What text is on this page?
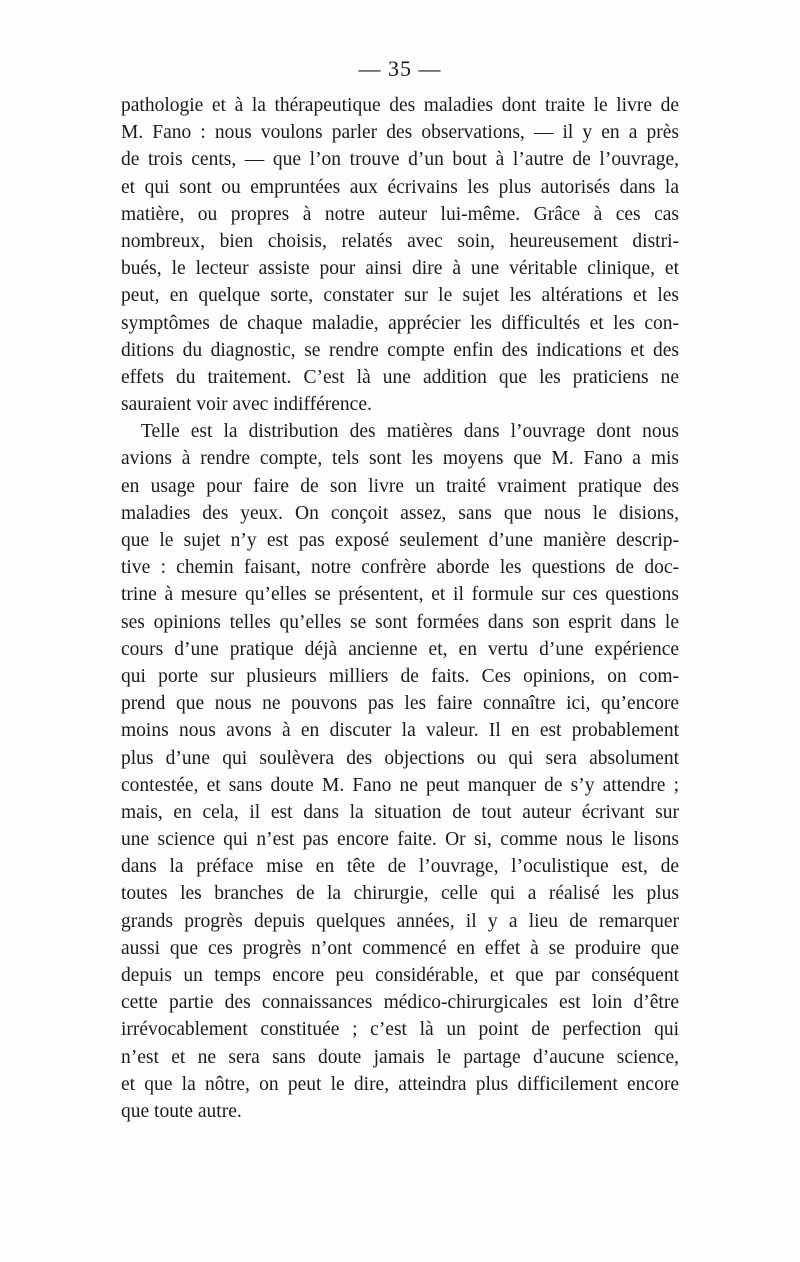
— 35 —
pathologie et à la thérapeutique des maladies dont traite le livre de
M. Fano : nous voulons parler des observations, — il y en a près
de trois cents, — que l’on trouve d’un bout à l’autre de l’ouvrage,
et qui sont ou empruntées aux écrivains les plus autorisés dans la
matière, ou propres à notre auteur lui-même. Grâce à ces cas
nombreux, bien choisis, relatés avec soin, heureusement distri-
bués, le lecteur assiste pour ainsi dire à une véritable clinique, et
peut, en quelque sorte, constater sur le sujet les altérations et les
symptômes de chaque maladie, apprécier les difficultés et les con-
ditions du diagnostic, se rendre compte enfin des indications et des
effets du traitement. C’est là une addition que les praticiens ne
sauraient voir avec indifférence.
Telle est la distribution des matières dans l’ouvrage dont nous
avions à rendre compte, tels sont les moyens que M. Fano a mis
en usage pour faire de son livre un traité vraiment pratique des
maladies des yeux. On conçoit assez, sans que nous le disions,
que le sujet n’y est pas exposé seulement d’une manière descrip-
tive : chemin faisant, notre confrère aborde les questions de doc-
trine à mesure qu’elles se présentent, et il formule sur ces questions
ses opinions telles qu’elles se sont formées dans son esprit dans le
cours d’une pratique déjà ancienne et, en vertu d’une expérience
qui porte sur plusieurs milliers de faits. Ces opinions, on com-
prend que nous ne pouvons pas les faire connaître ici, qu’encore
moins nous avons à en discuter la valeur. Il en est probablement
plus d’une qui soulèvera des objections ou qui sera absolument
contestée, et sans doute M. Fano ne peut manquer de s’y attendre ;
mais, en cela, il est dans la situation de tout auteur écrivant sur
une science qui n’est pas encore faite. Or si, comme nous le lisons
dans la préface mise en tête de l’ouvrage, l’oculistique est, de
toutes les branches de la chirurgie, celle qui a réalisé les plus
grands progrès depuis quelques années, il y a lieu de remarquer
aussi que ces progrès n’ont commencé en effet à se produire que
depuis un temps encore peu considérable, et que par conséquent
cette partie des connaissances médico-chirurgicales est loin d’être
irrévocablement constituée ; c’est là un point de perfection qui
n’est et ne sera sans doute jamais le partage d’aucune science,
et que la nôtre, on peut le dire, atteindra plus difficilement encore
que toute autre.
